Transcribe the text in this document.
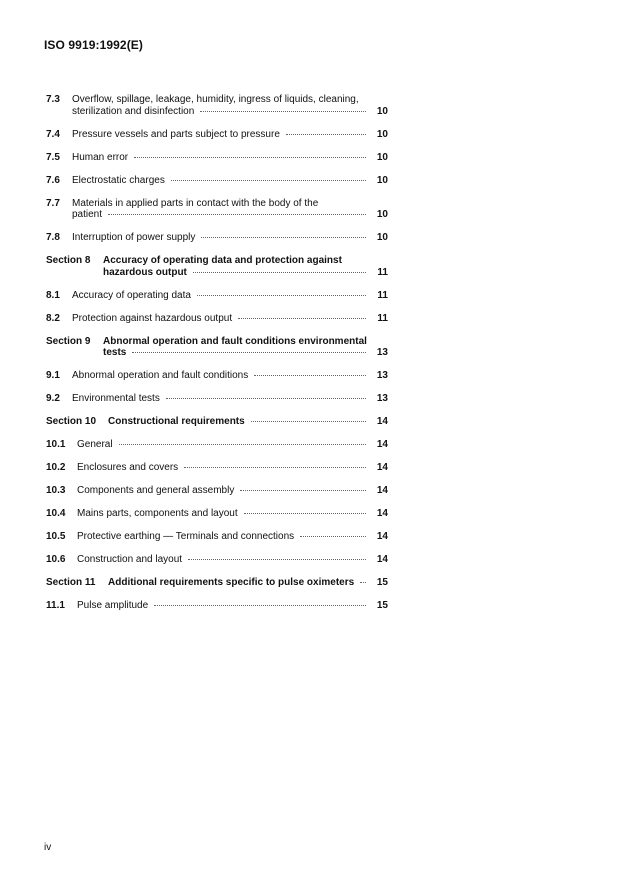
ISO 9919:1992(E)
7.3	Overflow, spillage, leakage, humidity, ingress of liquids, cleaning,
sterilization and disinfection	10
7.4	Pressure vessels and parts subject to pressure	10
7.5	Human error	10
7.6	Electrostatic charges	10
7.7	Materials in applied parts in contact with the body of the
patient	10
7.8	Interruption of power supply	10
Section 8	Accuracy of operating data and protection against
hazardous output	11
8.1	Accuracy of operating data	11
8.2	Protection against hazardous output	11
Section 9	Abnormal operation and fault conditions environmental
tests	13
9.1	Abnormal operation and fault conditions	13
9.2	Environmental tests	13
Section 10	Constructional requirements	14
10.1	General	14
10.2	Enclosures and covers	14
10.3	Components and general assembly	14
10.4	Mains parts, components and layout	14
10.5	Protective earthing — Terminals and connections	14
10.6	Construction and layout	14
Section 11	Additional requirements specific to pulse oximeters 15
11.1	Pulse amplitude	15
iv
